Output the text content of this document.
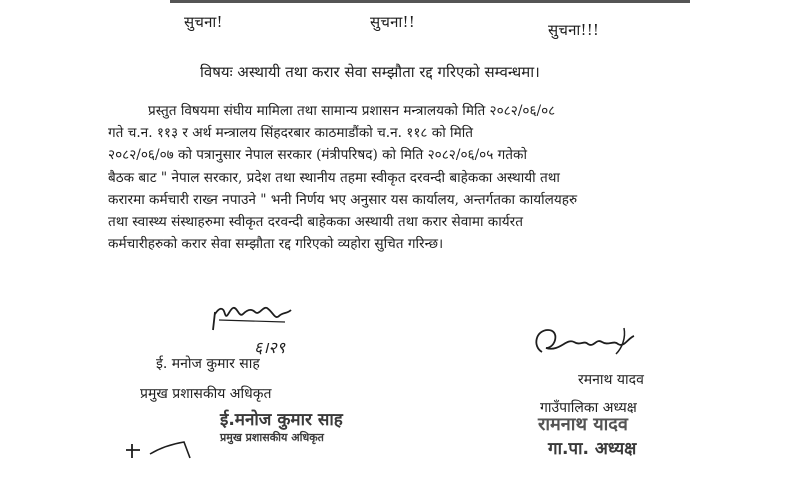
सुचना!	सुचना!!	सुचना!!!
विषयः अस्थायी तथा करार सेवा सम्झौता रद्द गरिएको सम्वन्धमा।
प्रस्तुत विषयमा संघीय मामिला तथा सामान्य प्रशासन मन्त्रालयको मिति २०८२/०६/०८
गते च.न. ११३ र अर्थ मन्त्रालय सिंहदरबार काठमाडौंको च.न. ११८ को मिति
२०८२/०६/०७ को पत्रानुसार नेपाल सरकार (मंत्रीपरिषद) को मिति २०८२/०६/०५ गतेको
बैठक बाट " नेपाल सरकार, प्रदेश तथा स्थानीय तहमा स्वीकृत दरवन्दी बाहेकका अस्थायी तथा
करारमा कर्मचारी राख्न नपाउने " भनी निर्णय भए अनुसार यस कार्यालय, अन्तर्गतका कार्यालयहरु
तथा स्वास्थ्य संस्थाहरुमा स्वीकृत दरवन्दी बाहेकका अस्थायी तथा करार सेवामा कार्यरत
कर्मचारीहरुको करार सेवा सम्झौता रद्द गरिएको व्यहोरा सुचित गरिन्छ।
६।२९
ई. मनोज कुमार साह
प्रमुख प्रशासकीय अधिकृत
ई.मनोज कुमार साह
प्रमुख प्रशासकीय अधिकृत
रमनाथ यादव
गाउँपालिका अध्यक्ष
रामनाथ यादव
गा.पा. अध्यक्ष
